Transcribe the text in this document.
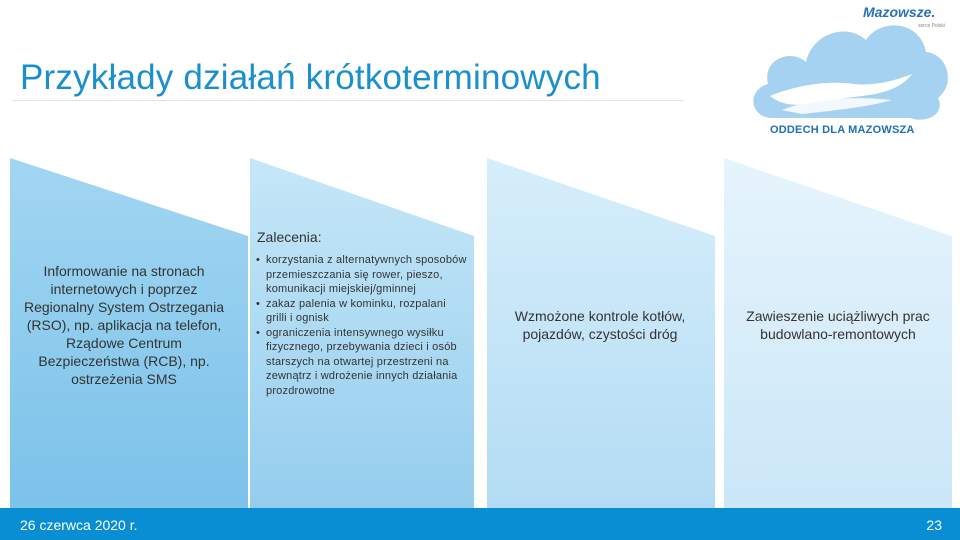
Przykłady działań krótkoterminowych
Mazowsze.
serce Polski
ODDECH DLA MAZOWSZA
Informowanie na stronach internetowych i poprzez Regionalny System Ostrzegania (RSO), np. aplikacja na telefon, Rządowe Centrum Bezpieczeństwa (RCB), np. ostrzeżenia SMS
Zalecenia:
• korzystania z alternatywnych sposobów przemieszczania się rower, pieszo, komunikacji miejskiej/gminnej
• zakaz palenia w kominku, rozpalani grilli i ognisk
• ograniczenia intensywnego wysiłku fizycznego, przebywania dzieci i osób starszych na otwartej przestrzeni na zewnątrz i wdrożenie innych działania prozdrowotne
Wzmożone kontrole kotłów, pojazdów, czystości dróg
Zawieszenie uciążliwych prac budowlano-remontowych
26 czerwca 2020 r.	23
